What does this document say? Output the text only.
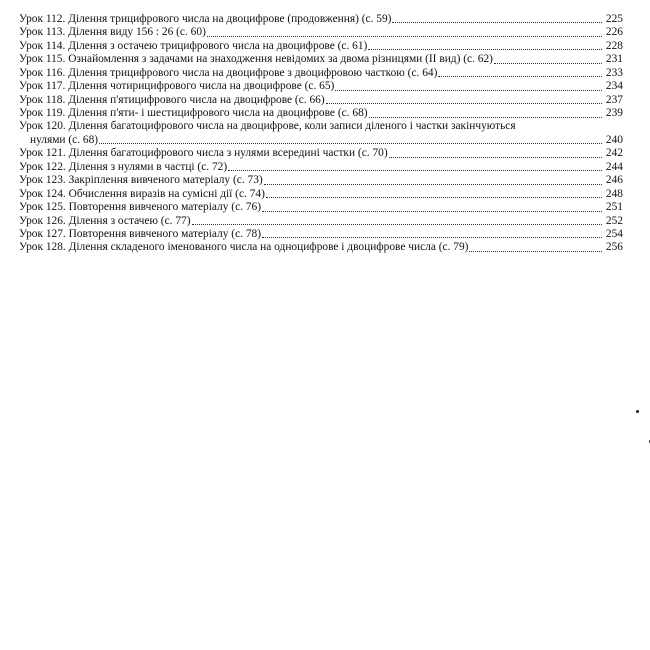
Урок 112. Ділення трицифрового числа на двоцифрове (продовження) (с. 59)	225
Урок 113. Ділення виду 156 : 26 (с. 60)	226
Урок 114. Ділення з остачею трицифрового числа на двоцифрове (с. 61)	228
Урок 115. Ознайомлення з задачами на знаходження невідомих за двома різницями (ІІ вид) (с. 62)	231
Урок 116. Ділення трицифрового числа на двоцифрове з двоцифровою часткою (с. 64)	233
Урок 117. Ділення чотирицифрового числа на двоцифрове (с. 65)	234
Урок 118. Ділення п'ятицифрового числа на двоцифрове (с. 66)	237
Урок 119. Ділення п'яти- і шестицифрового числа на двоцифрове (с. 68)	239
Урок 120. Ділення багатоцифрового числа на двоцифрове, коли записи діленого і частки закінчуються
нулями (с. 68)	240
Урок 121. Ділення багатоцифрового числа з нулями всередині частки (с. 70)	242
Урок 122. Ділення з нулями в частці (с. 72)	244
Урок 123. Закріплення вивченого матеріалу (с. 73)	246
Урок 124. Обчислення виразів на сумісні дії (с. 74)	248
Урок 125. Повторення вивченого матеріалу (с. 76)	251
Урок 126. Ділення з остачею (с. 77)	252
Урок 127. Повторення вивченого матеріалу (с. 78)	254
Урок 128. Ділення складеного іменованого числа на одноцифрове і двоцифрове числа (с. 79)	256
